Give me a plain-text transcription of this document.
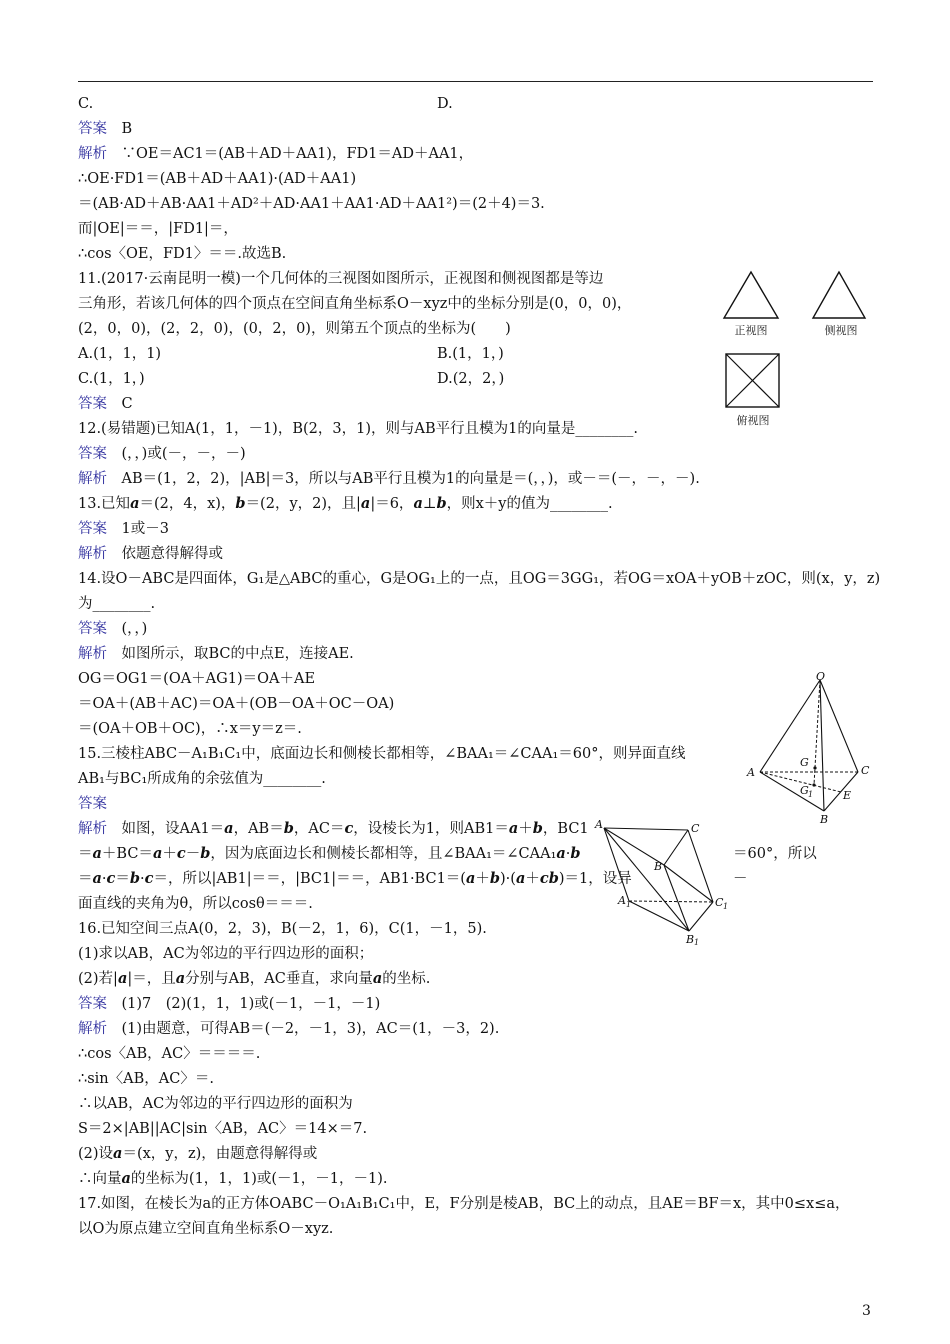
C.	D.
答案　B
解析　∵OE＝AC1＝(AB＋AD＋AA1)，FD1＝AD＋AA1，
∴OE·FD1＝(AB＋AD＋AA1)·(AD＋AA1)
＝(AB·AD＋AB·AA1＋AD²＋AD·AA1＋AA1·AD＋AA1²)＝(2＋4)＝3.
而|OE|＝＝，|FD1|＝，
∴cos〈OE，FD1〉＝＝.故选B.
11.(2017·云南昆明一模)一个几何体的三视图如图所示，正视图和侧视图都是等边
三角形，若该几何体的四个顶点在空间直角坐标系O－xyz中的坐标分别是(0，0，0)，
(2，0，0)，(2，2，0)，(0，2，0)，则第五个顶点的坐标为(　　)
A.(1，1，1)	B.(1，1，)
C.(1，1，)	D.(2，2，)
答案　C
12.(易错题)已知A(1，1，－1)，B(2，3，1)，则与AB平行且模为1的向量是________.
答案　(，，)或(－，－，－)
解析　AB＝(1，2，2)，|AB|＝3，所以与AB平行且模为1的向量是＝(，，)，或－＝(－，－，－).
13.已知a＝(2，4，x)，b＝(2，y，2)，且|a|＝6，a⊥b，则x＋y的值为________.
答案　1或－3
解析　依题意得解得或
14.设O－ABC是四面体，G₁是△ABC的重心，G是OG₁上的一点，且OG＝3GG₁，若OG＝xOA＋yOB＋zOC，则(x，y，z)
为________.
答案　(，，)
解析　如图所示，取BC的中点E，连接AE.
OG＝OG1＝(OA＋AG1)＝OA＋AE
＝OA＋(AB＋AC)＝OA＋(OB－OA＋OC－OA)
＝(OA＋OB＋OC)，∴x＝y＝z＝.
15.三棱柱ABC－A₁B₁C₁中，底面边长和侧棱长都相等，∠BAA₁＝∠CAA₁＝60°，则异面直线
AB₁与BC₁所成角的余弦值为________.
答案
解析　如图，设AA1＝a，AB＝b，AC＝c，设棱长为1，则AB1＝a＋b，BC1
＝a＋BC＝a＋c－b，因为底面边长和侧棱长都相等，且∠BAA₁＝∠CAA₁	＝60°，所以
a·b
＝a·c＝b·c＝，所以|AB1|＝＝，|BC1|＝＝，AB1·BC1＝(a＋b)·(a＋c	－
b)＝1，设异
面直线的夹角为θ，所以cosθ＝＝＝.
16.已知空间三点A(0，2，3)，B(－2，1，6)，C(1，－1，5).
(1)求以AB，AC为邻边的平行四边形的面积；
(2)若|a|＝，且a分别与AB，AC垂直，求向量a的坐标.
答案　(1)7　(2)(1，1，1)或(－1，－1，－1)
解析　(1)由题意，可得AB＝(－2，－1，3)，AC＝(1，－3，2).
∴cos〈AB，AC〉＝＝＝＝.
∴sin〈AB，AC〉＝.
∴以AB，AC为邻边的平行四边形的面积为
S＝2×|AB||AC|sin〈AB，AC〉＝14×＝7.
(2)设a＝(x，y，z)，由题意得解得或
∴向量a的坐标为(1，1，1)或(－1，－1，－1).
17.如图，在棱长为a的正方体OABC－O₁A₁B₁C₁中，E，F分别是棱AB，BC上的动点，且AE＝BF＝x，其中0≤x≤a，
以O为原点建立空间直角坐标系O－xyz.
正视图	侧视图
俯视图
O
G
A	C
G 1	E
B
A	C
B
A 1	C 1
B 1
3
